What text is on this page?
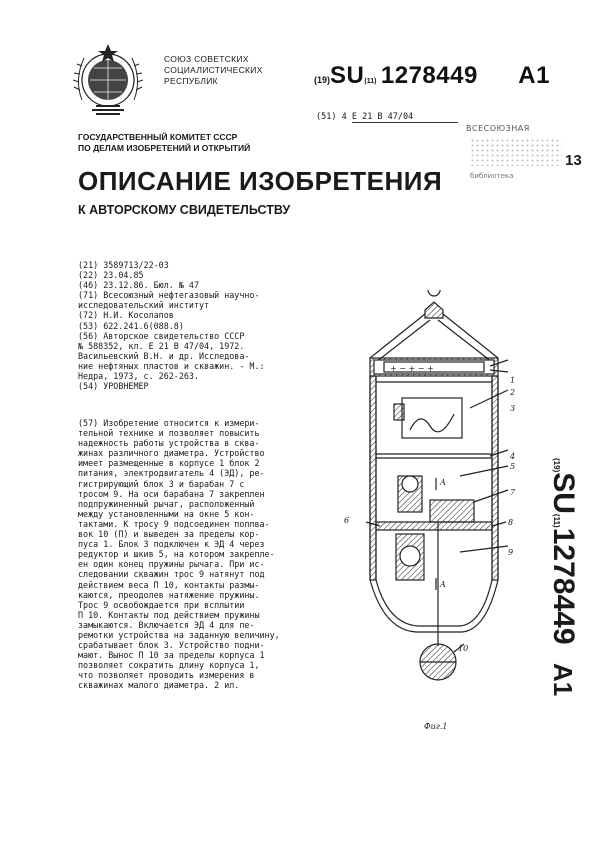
СОЮЗ СОВЕТСКИХ
СОЦИАЛИСТИЧЕСКИХ
РЕСПУБЛИК	(19)SU(11) 1278449 A1
(51) 4 E 21 B 47/04
ВСЕСОЮЗНАЯ
13
библиотека
ГОСУДАРСТВЕННЫЙ КОМИТЕТ СССР
ПО ДЕЛАМ ИЗОБРЕТЕНИЙ И ОТКРЫТИЙ
ОПИСАНИЕ ИЗОБРЕТЕНИЯ
К АВТОРСКОМУ СВИДЕТЕЛЬСТВУ
(21) 3589713/22-03
(22) 23.04.85
(46) 23.12.86. Бюл. № 47
(71) Всесоюзный нефтегазовый научно-
исследовательский институт
(72) Н.И. Косолапов
(53) 622.241.6(088.8)
(56) Авторское свидетельство СССР
№ 588352, кл. Е 21 В 47/04, 1972.
Васильевский В.Н. и др. Исследова-
ние нефтяных пластов и скважин. - М.:
Недра, 1973, с. 262-263.
(54) УРОВНЕМЕР
(57) Изобретение относится к измери-
тельной технике и позволяет повысить
надежность работы устройства в сква-
жинах различного диаметра. Устройство
имеет размещенные в корпусе 1 блок 2
питания, электродвигатель 4 (ЭД), ре-
гистрирующий блок 3 и барабан 7 с
тросом 9. На оси барабана 7 закреплен
подпружиненный рычаг, расположенный
между установленными на окне 5 кон-
тактами. К тросу 9 подсоединен поплва-
вок 10 (П) и выведен за пределы кор-
пуса 1. Блок 3 подключен к ЭД 4 через
редуктор и шкив 5, на котором закрепле-
ен один конец пружины рычага. При ис-
следовании скважин трос 9 натянут под
действием веса П 10, контакты размы-
каются, преодолев натяжение пружины.
Трос 9 освобождается при всплытии
П 10. Контакты под действием пружины
замыкаются. Включается ЭД 4 для пе-
ремотки устройства на заданную величину,
срабатывает блок 3. Устройство подни-
мают. Вынос П 10 за пределы корпуса 1
позволяет сократить длину корпуса 1,
что позволяет проводить измерения в
скважинах малого диаметра. 2 ил.
+ − + − +
1
2
3
4
5
7
6	8
9
10
A
A
Фиг.1
(19)SU(11)1278449 A1
